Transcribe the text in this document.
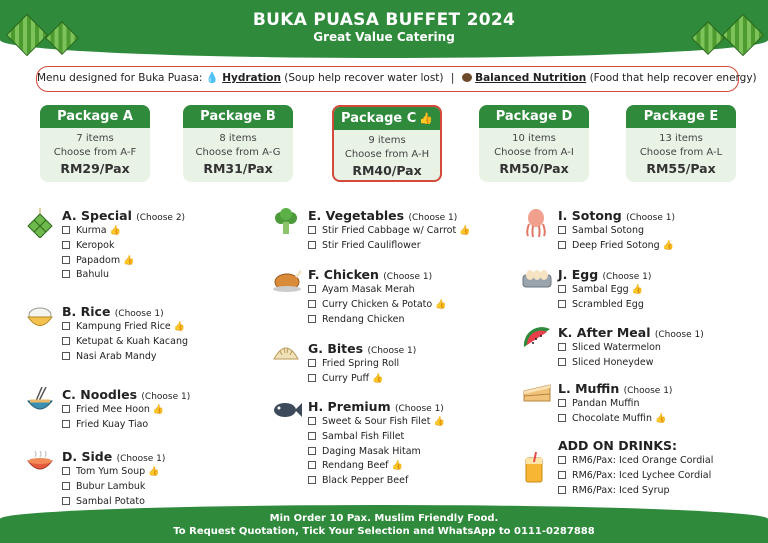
BUKA PUASA BUFFET 2024
Great Value Catering
Menu designed for Buka Puasa: 💧 Hydration (Soup help recover water lost) | Balanced Nutrition (Food that help recover energy)
Package A
7 items
Choose from A-F
RM29/Pax
Package B
8 items
Choose from A-G
RM31/Pax
Package C 👍
9 items
Choose from A-H
RM40/Pax
Package D
10 items
Choose from A-I
RM50/Pax
Package E
13 items
Choose from A-L
RM55/Pax
A. Special (Choose 2)
Kurma 👍
Keropok
Papadom 👍
Bahulu
B. Rice (Choose 1)
Kampung Fried Rice 👍
Ketupat & Kuah Kacang
Nasi Arab Mandy
C. Noodles (Choose 1)
Fried Mee Hoon 👍
Fried Kuay Tiao
D. Side (Choose 1)
Tom Yum Soup 👍
Bubur Lambuk
Sambal Potato
E. Vegetables (Choose 1)
Stir Fried Cabbage w/ Carrot 👍
Stir Fried Cauliflower
F. Chicken (Choose 1)
Ayam Masak Merah
Curry Chicken & Potato 👍
Rendang Chicken
G. Bites (Choose 1)
Fried Spring Roll
Curry Puff 👍
H. Premium (Choose 1)
Sweet & Sour Fish Filet 👍
Sambal Fish Fillet
Daging Masak Hitam
Rendang Beef 👍
Black Pepper Beef
I. Sotong (Choose 1)
Sambal Sotong
Deep Fried Sotong 👍
J. Egg (Choose 1)
Sambal Egg 👍
Scrambled Egg
K. After Meal (Choose 1)
Sliced Watermelon
Sliced Honeydew
L. Muffin (Choose 1)
Pandan Muffin
Chocolate Muffin 👍
ADD ON DRINKS:
RM6/Pax: Iced Orange Cordial
RM6/Pax: Iced Lychee Cordial
RM6/Pax: Iced Syrup
Min Order 10 Pax. Muslim Friendly Food.
To Request Quotation, Tick Your Selection and WhatsApp to 0111-0287888
